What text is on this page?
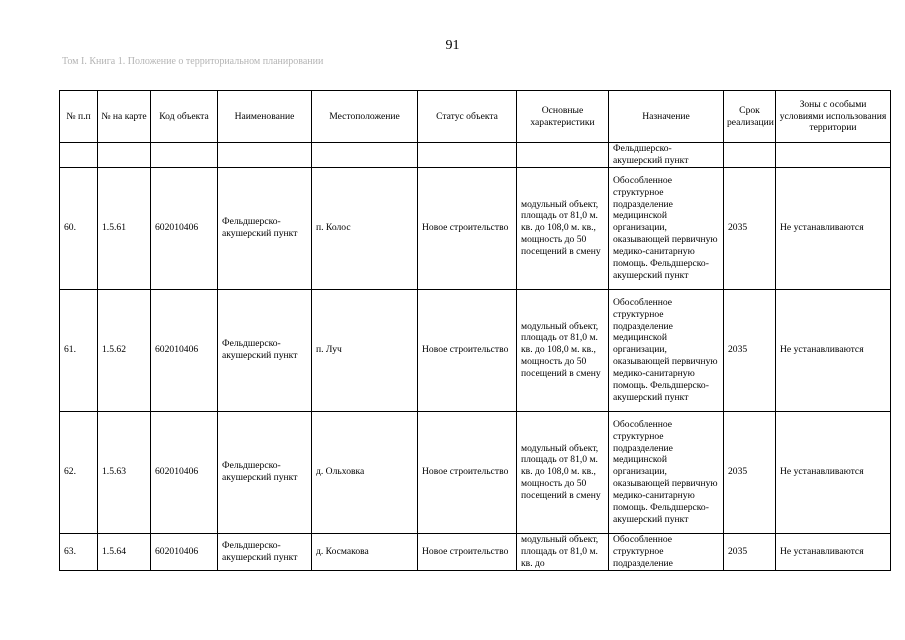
91
Том I. Книга 1. Положение о территориальном планировании
№ п.п	№ на карте	Код объекта	Наименование	Местоположение	Статус объекта	Основные характеристики	Назначение	Срок реализации	Зоны с особыми условиями использования территории
							Фельдшерско-акушерский пункт		
60.	1.5.61	602010406	Фельдшерско-акушерский пункт	п. Колос	Новое строительство	модульный объект, площадь от 81,0 м. кв. до 108,0 м. кв., мощность до 50 посещений в смену	Обособленное структурное подразделение медицинской организации, оказывающей первичную медико-санитарную помощь. Фельдшерско-акушерский пункт	2035	Не устанавливаются
61.	1.5.62	602010406	Фельдшерско-акушерский пункт	п. Луч	Новое строительство	модульный объект, площадь от 81,0 м. кв. до 108,0 м. кв., мощность до 50 посещений в смену	Обособленное структурное подразделение медицинской организации, оказывающей первичную медико-санитарную помощь. Фельдшерско-акушерский пункт	2035	Не устанавливаются
62.	1.5.63	602010406	Фельдшерско-акушерский пункт	д. Ольховка	Новое строительство	модульный объект, площадь от 81,0 м. кв. до 108,0 м. кв., мощность до 50 посещений в смену	Обособленное структурное подразделение медицинской организации, оказывающей первичную медико-санитарную помощь. Фельдшерско-акушерский пункт	2035	Не устанавливаются
63.	1.5.64	602010406	Фельдшерско-акушерский пункт	д. Космакова	Новое строительство	модульный объект, площадь от 81,0 м. кв. до	Обособленное структурное подразделение	2035	Не устанавливаются
